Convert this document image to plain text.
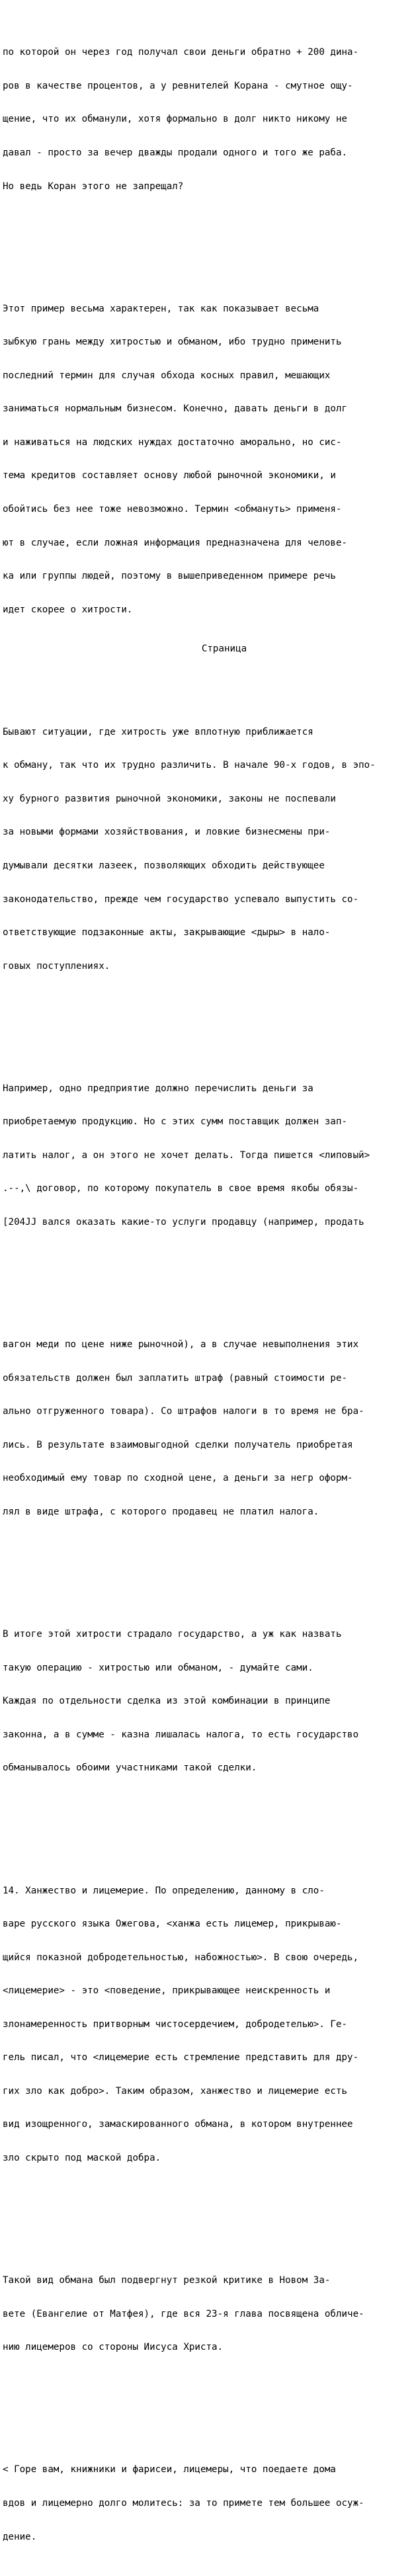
по которой он через год получал свои деньги обратно + 200 дина-

ров в качестве процентов, а у ревнителей Корана - смутное ощу-

щение, что их обманули, хотя формально в долг никто никому не

давал - просто за вечер дважды продали одного и того же раба.

Но ведь Коран этого не запрещал?

Этот пример весьма характерен, так как показывает весьма

зыбкую грань между хитростью и обманом, ибо трудно применить

последний термин для случая обхода косных правил, мешающих

заниматься нормальным бизнесом. Конечно, давать деньги в долг

и наживаться на людских нуждах достаточно аморально, но сис-

тема кредитов составляет основу любой рыночной экономики, и

обойтись без нее тоже невозможно. Термин <обмануть> применя-

ют в случае, если ложная информация предназначена для челове-

ка или группы людей, поэтому в вышеприведенном примере речь

идет скорее о хитрости.

Бывают ситуации, где хитрость уже вплотную приближается

к обману, так что их трудно различить. В начале 90-х годов, в эпо-

ху бурного развития рыночной экономики, законы не поспевали

за новыми формами хозяйствования, и ловкие бизнесмены при-

думывали десятки лазеек, позволяющих обходить действующее

законодательство, прежде чем государство успевало выпустить со-

ответствующие подзаконные акты, закрывающие <дыры> в нало-

говых поступлениях.

Например, одно предприятие должно перечислить деньги за

приобретаемую продукцию. Но с этих сумм поставщик должен зап-

латить налог, а он этого не хочет делать. Тогда пишется <липовый>

.--,\ договор, по которому покупатель в свое время якобы обязы-

[204JJ вался оказать какие-то услуги продавцу (например, продать

вагон меди по цене ниже рыночной), а в случае невыполнения этих

обязательств должен был заплатить штраф (равный стоимости ре-

ально отгруженного товара). Со штрафов налоги в то время не бра-

лись. В результате взаимовыгодной сделки получатель приобретая

необходимый ему товар по сходной цене, а деньги за негр оформ-

лял в виде штрафа, с которого продавец не платил налога.

В итоге этой хитрости страдало государство, а уж как назвать

такую операцию - хитростью или обманом, - думайте сами.

Каждая по отдельности сделка из этой комбинации в принципе

законна, а в сумме - казна лишалась налога, то есть государство

обманывалось обоими участниками такой сделки.

14. Ханжество и лицемерие. По определению, данному в сло-

варе русского языка Ожегова, <ханжа есть лицемер, прикрываю-

щийся показной добродетельностью, набожностью>. В свою очередь,

<лицемерие> - это <поведение, прикрывающее неискренность и

злонамеренность притворным чистосердечием, добродетелью>. Ге-

гель писал, что <лицемерие есть стремление представить для дру-

гих зло как добро>. Таким образом, ханжество и лицемерие есть

вид изощренного, замаскированного обмана, в котором внутреннее

зло скрыто под маской добра.

Такой вид обмана был подвергнут резкой критике в Новом За-

вете (Евангелие от Матфея), где вся 23-я глава посвящена обличе-

нию лицемеров со стороны Иисуса Христа.

< Горе вам, книжники и фарисеи, лицемеры, что поедаете дома

вдов и лицемерно долго молитесь: за то примете тем большее осуж-

дение.

Страница
